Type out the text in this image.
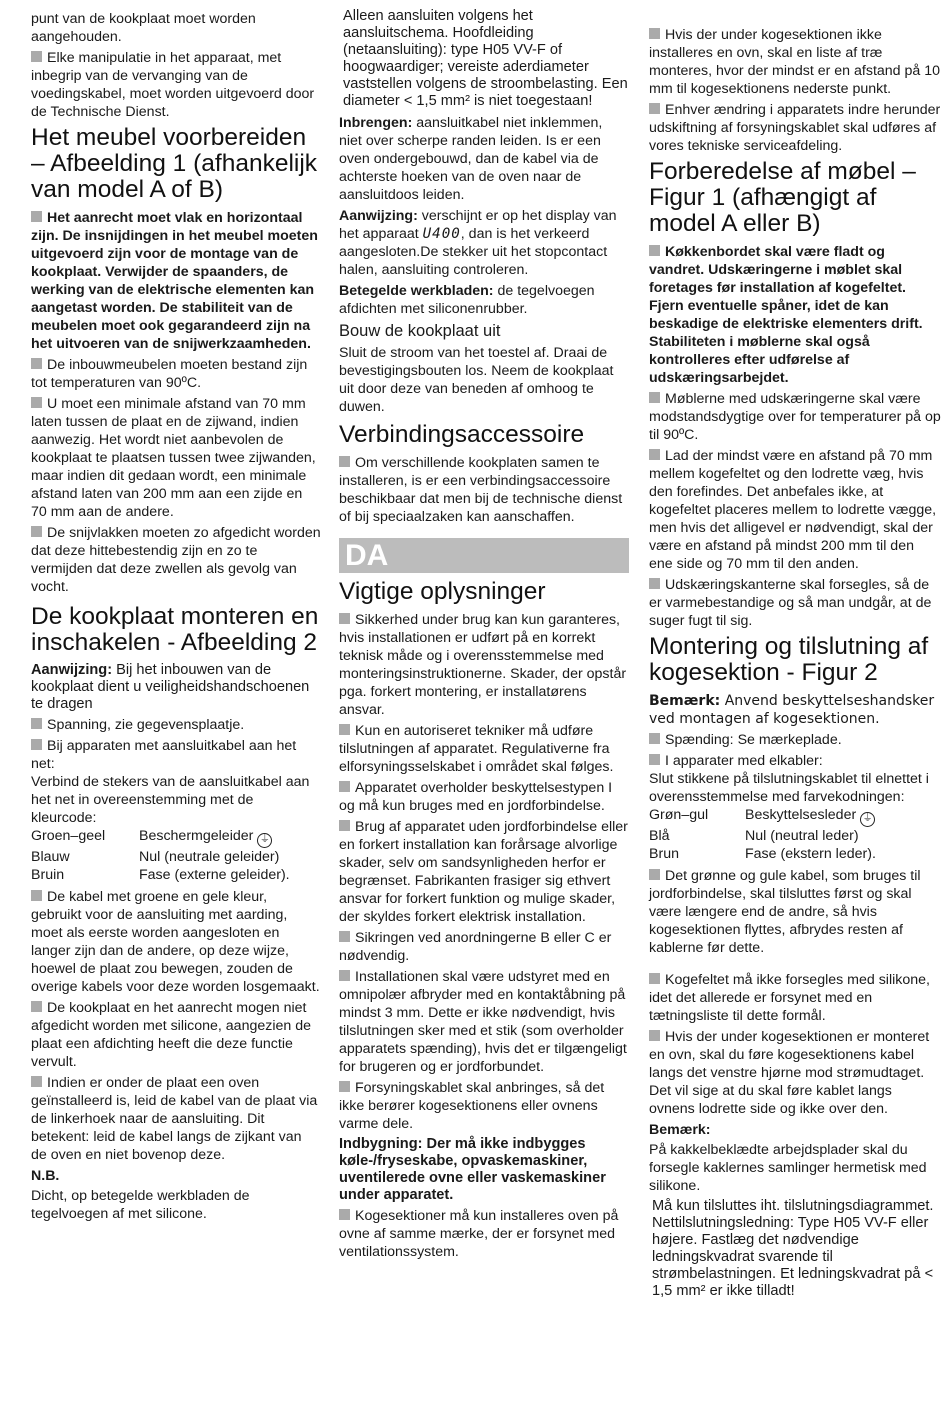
punt van de kookplaat moet worden aangehouden.

Elke manipulatie in het apparaat, met inbegrip van de vervanging van de voedingskabel, moet worden uitgevoerd door de Technische Dienst.

Het meubel voorbereiden – Afbeelding 1 (afhankelijk van model A of B)

Het aanrecht moet vlak en horizontaal zijn. De insnijdingen in het meubel moeten uitgevoerd zijn voor de montage van de kookplaat. Verwijder de spaanders, de werking van de elektrische elementen kan aangetast worden. De stabiliteit van de meubelen moet ook gegarandeerd zijn na het uitvoeren van de snijwerkzaamheden.

De inbouwmeubelen moeten bestand zijn tot temperaturen van 90ºC.

U moet een minimale afstand van 70 mm laten tussen de plaat en de zijwand, indien aanwezig. Het wordt niet aanbevolen de kookplaat te plaatsen tussen twee zijwanden, maar indien dit gedaan wordt, een minimale afstand laten van 200 mm aan een zijde en 70 mm aan de andere.

De snijvlakken moeten zo afgedicht worden dat deze hittebestendig zijn en zo te vermijden dat deze zwellen als gevolg van vocht.

De kookplaat monteren en inschakelen - Afbeelding 2

Aanwijzing: Bij het inbouwen van de kookplaat dient u veiligheidshandschoenen te dragen

Spanning, zie gegevensplaatje.

Bij apparaten met aansluitkabel aan het net:

Verbind de stekers van de aansluitkabel aan het net in overeenstemming met de kleurcode:

Groen–geel	Beschermgeleider ⏚
Blauw	Nul (neutrale geleider)
Bruin	Fase (externe geleider).

De kabel met groene en gele kleur, gebruikt voor de aansluiting met aarding, moet als eerste worden aangesloten en langer zijn dan de andere, op deze wijze, hoewel de plaat zou bewegen, zouden de overige kabels voor deze worden losgemaakt.

De kookplaat en het aanrecht mogen niet afgedicht worden met silicone, aangezien de plaat een afdichting heeft die deze functie vervult.

Indien er onder de plaat een oven geïnstalleerd is, leid de kabel van de plaat via de linkerhoek naar de aansluiting. Dit betekent: leid de kabel langs de zijkant van de oven en niet bovenop deze.

N.B.

Dicht, op betegelde werkbladen de tegelvoegen af met silicone.

Alleen aansluiten volgens het aansluitschema. Hoofdleiding (netaansluiting): type H05 VV-F of hoogwaardiger; vereiste aderdiameter vaststellen volgens de stroombelasting. Een diameter < 1,5 mm² is niet toegestaan!

Inbrengen: aansluitkabel niet inklemmen, niet over scherpe randen leiden. Is er een oven ondergebouwd, dan de kabel via de achterste hoeken van de oven naar de aansluitdoos leiden.

Aanwijzing: verschijnt er op het display van het apparaat U400, dan is het verkeerd aangesloten.De stekker uit het stopcontact halen, aansluiting controleren.

Betegelde werkbladen: de tegelvoegen afdichten met siliconenrubber.

Bouw de kookplaat uit

Sluit de stroom van het toestel af. Draai de bevestigingsbouten los. Neem de kookplaat uit door deze van beneden af omhoog te duwen.

Verbindingsaccessoire

Om verschillende kookplaten samen te installeren, is er een verbindingsaccessoire beschikbaar dat men bij de technische dienst of bij speciaalzaken kan aanschaffen.

DA
Vigtige oplysninger

Sikkerhed under brug kan kun garanteres, hvis installationen er udført på en korrekt teknisk måde og i overensstemmelse med monteringsinstruktionerne. Skader, der opstår pga. forkert montering, er installatørens ansvar.

Kun en autoriseret tekniker må udføre tilslutningen af apparatet. Regulativerne fra elforsyningsselskabet i området skal følges.

Apparatet overholder beskyttelsestypen I og må kun bruges med en jordforbindelse.

Brug af apparatet uden jordforbindelse eller en forkert installation kan forårsage alvorlige skader, selv om sandsynligheden herfor er begrænset. Fabrikanten frasiger sig ethvert ansvar for forkert funktion og mulige skader, der skyldes forkert elektrisk installation.

Sikringen ved anordningerne B eller C er nødvendig.

Installationen skal være udstyret med en omnipolær afbryder med en kontaktåbning på mindst 3 mm. Dette er ikke nødvendigt, hvis tilslutningen sker med et stik (som overholder apparatets spænding), hvis det er tilgængeligt for brugeren og er jordforbundet.

Forsyningskablet skal anbringes, så det ikke berører kogesektionens eller ovnens varme dele.

Indbygning: Der må ikke indbygges køle-/fryseskabe, opvaskemaskiner, uventilerede ovne eller vaskemaskiner under apparatet.

Kogesektioner må kun installeres oven på ovne af samme mærke, der er forsynet med ventilationssystem.

Hvis der under kogesektionen ikke installeres en ovn, skal en liste af træ monteres, hvor der mindst er en afstand på 10 mm til kogesektionens nederste punkt.

Enhver ændring i apparatets indre herunder udskiftning af forsyningskablet skal udføres af vores tekniske serviceafdeling.

Forberedelse af møbel – Figur 1 (afhængigt af model A eller B)

Køkkenbordet skal være fladt og vandret. Udskæringerne i møblet skal foretages før installation af kogefeltet. Fjern eventuelle spåner, idet de kan beskadige de elektriske elementers drift. Stabiliteten i møblerne skal også kontrolleres efter udførelse af udskæringsarbejdet.

Møblerne med udskæringerne skal være modstandsdygtige over for temperaturer på op til 90ºC.

Lad der mindst være en afstand på 70 mm mellem kogefeltet og den lodrette væg, hvis den forefindes. Det anbefales ikke, at kogefeltet placeres mellem to lodrette vægge, men hvis det alligevel er nødvendigt, skal der være en afstand på mindst 200 mm til den ene side og 70 mm til den anden.

Udskæringskanterne skal forsegles, så de er varmebestandige og så man undgår, at de suger fugt til sig.

Montering og tilslutning af kogesektion - Figur 2

Bemærk: Anvend beskyttelseshandsker ved montagen af kogesektionen.

Spænding: Se mærkeplade.

I apparater med elkabler:

Slut stikkene på tilslutningskablet til elnettet i overensstemmelse med farvekodningen:

Grøn–gul	Beskyttelsesleder ⏚
Blå	Nul (neutral leder)
Brun	Fase (ekstern leder).

Det grønne og gule kabel, som bruges til jordforbindelse, skal tilsluttes først og skal være længere end de andre, så hvis kogesektionen flyttes, afbrydes resten af kablerne før dette.

Kogefeltet må ikke forsegles med silikone, idet det allerede er forsynet med en tætningsliste til dette formål.

Hvis der under kogesektionen er monteret en ovn, skal du føre kogesektionens kabel langs det venstre hjørne mod strømudtaget. Det vil sige at du skal føre kablet langs ovnens lodrette side og ikke over den.

Bemærk:

På kakkelbeklædte arbejdsplader skal du forsegle kaklernes samlinger hermetisk med silikone.

Må kun tilsluttes iht. tilslutningsdiagrammet. Nettilslutningsledning: Type H05 VV-F eller højere. Fastlæg det nødvendige ledningskvadrat svarende til strømbelastningen. Et ledningskvadrat på < 1,5 mm² er ikke tilladt!
